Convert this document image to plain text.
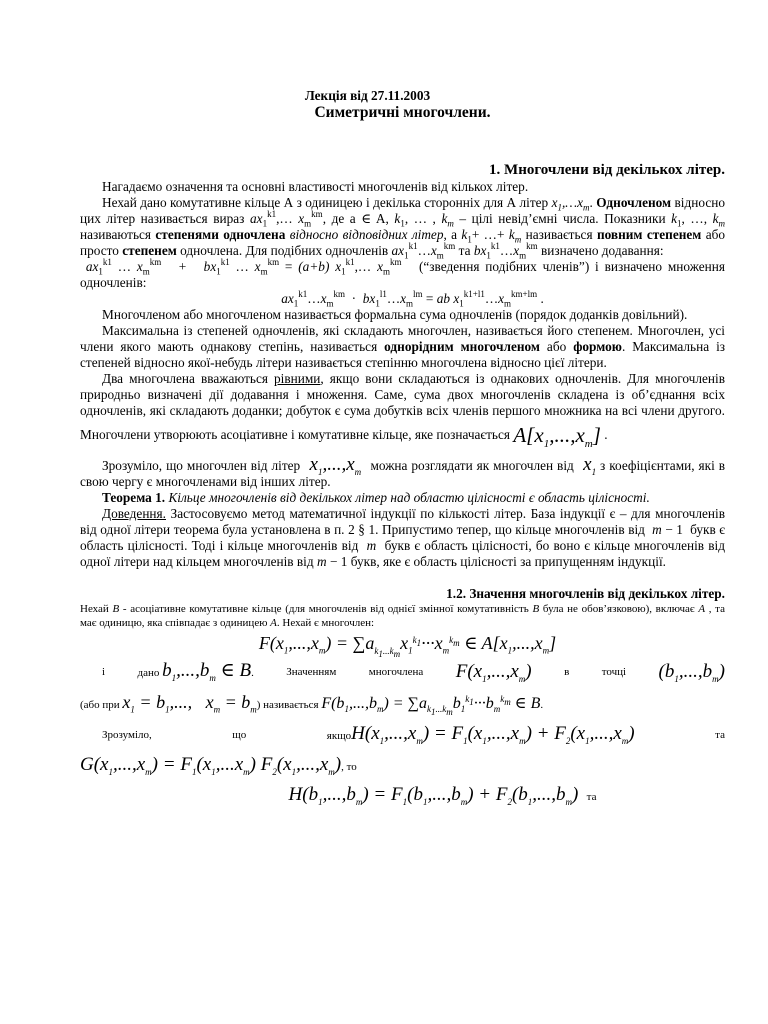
Лекція від 27.11.2003

Симетричні многочлени.

1. Многочлени від декількох літер.

Нагадаємо означення та основні властивості многочленів від кількох літер.

Нехай дано комутативне кільце А з одиницею і декілька сторонніх для А літер $x_1,\dots x_m$. Одночленом відносно цих літер називається вираз $ax_1^{k1},\dots$ $x_m^{km}$, де a ∈ A, $k_1$, … , $k_m$ – цілі невід’ємні числа. Показники $k_1$, …, $k_m$ називаються степенями одночлена відносно відповідних літер, а $k_1+$ …+ $k_m$ називається повним степенем або просто степенем одночлена. Для подібних одночленів $ax_1^{k1}\dots x_m^{km}$ та $bx_1^{k1}\dots x_m^{km}$ визначено додавання:

$ax_1^{k1}$ … $x_m^{km} + bx_1^{k1}$ … $x_m^{km} = (a+b)$ $x_1^{k1},\dots$ $x_m^{km}$ (“зведення подібних членів”) і визначено множення одночленів:

$ax_1^{k1}\dots x_m^{km}$  ·  $bx_1^{l1}\dots x_m^{lm}$ = ab $x_1^{k1+l1}\dots x_m^{km+lm}$ .

Многочленом або многочленом називається формальна сума одночленів (порядок доданків довільний).

Максимальна із степеней одночленів, які складають многочлен, називається його степенем. Многочлен, усі члени якого мають однакову степінь, називається однорідним многочленом або формою. Максимальна із степеней відносно якої-небудь літери називається степінню многочлена відносно цієї літери.

Два многочлена вважаються рівними, якщо вони складаються із однакових одночленів. Для многочленів природньо визначені дії додавання і множення. Саме, сума двох многочленів складена із об’єднання всіх одночленів, які складають доданки; добуток є сума добутків всіх членів першого множника на всі члени другого. Многочлени утворюють асоціативне і комутативне кільце, яке позначається $A[x_1,...,x_m]$ .

Зрозуміло, що многочлен від літер  $x_1,...,x_m$ можна розглядати як многочлен від  $x_1$ з коефіцієнтами, які в свою чергу є многочленами від інших літер.

Теорема 1. Кільце многочленів від декількох літер над областю цілісності є область цілісності.

Доведення. Застосовуємо метод математичної індукції по кількості літер. База індукції є – для многочленів від одної літери теорема була установлена в п. 2 § 1. Припустимо тепер, що кільце многочленів від  m − 1  букв є область цілісності. Тоді і кільце многочленів від  m  букв є область цілісності, бо воно є кільце многочленів від одної літери над кільцем многочленів від m − 1 букв, яке є область цілісності за припущенням індукції.

1.2. Значення многочленів від декількох літер.

Нехай B - асоціативне комутативне кільце (для многочленів від однієї змінної комутативність B була не обов’язковою), включає A , та має одиницю, яка співпадає з одиницею A. Нехай є многочлен:

$F(x_1,...,x_m) = \sum a_{k_1...k_m}x_1^{k_1}\cdot\cdot\cdot x_m^{k_m}$ ∈ $A[x_1,...,x_m]$

і	дано $b_1,...,b_m$ ∈ B.	Значенням	многочлена $F(x_1,...,x_m)$	в	точці $(b_1,...,b_m)$

(або при $x_1 = b_1$,...,   $x_m = b_m$) називається $F(b_1,...,b_m) = \sum a_{k_1...k_m}b_1^{k_1}\cdot\cdot\cdot b_m^{k_m}$ ∈ B.

Зрозуміло,	що	$якщоH(x_1,...,x_m) = F_1(x_1,...,x_m) + F_2(x_1,...,x_m)$	та

$G(x_1,...,x_m) = F_1(x_1,...x_m)$ $F_2(x_1,...,x_m)$, то

$H(b_1,...,b_m) = F_1(b_1,...,b_m) + F_2(b_1,...,b_m)$ та
